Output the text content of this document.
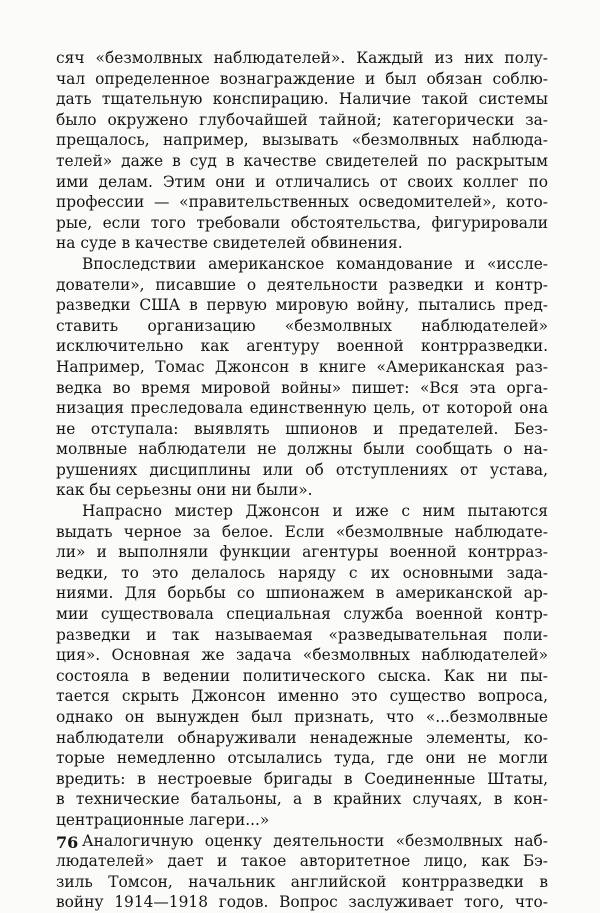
сяч «безмолвных наблюдателей». Каждый из них полу-
чал определенное вознаграждение и был обязан соблю-
дать тщательную конспирацию. Наличие такой системы
было окружено глубочайшей тайной; категорически за-
прещалось, например, вызывать «безмолвных наблюда-
телей» даже в суд в качестве свидетелей по раскрытым
ими делам. Этим они и отличались от своих коллег по
профессии — «правительственных осведомителей», кото-
рые, если того требовали обстоятельства, фигурировали
на суде в качестве свидетелей обвинения.
Впоследствии американское командование и «иссле-
дователи», писавшие о деятельности разведки и контр-
разведки США в первую мировую войну, пытались пред-
ставить организацию «безмолвных наблюдателей»
исключительно как агентуру военной контрразведки.
Например, Томас Джонсон в книге «Американская раз-
ведка во время мировой войны» пишет: «Вся эта орга-
низация преследовала единственную цель, от которой она
не отступала: выявлять шпионов и предателей. Без-
молвные наблюдатели не должны были сообщать о на-
рушениях дисциплины или об отступлениях от устава,
как бы серьезны они ни были».
Напрасно мистер Джонсон и иже с ним пытаются
выдать черное за белое. Если «безмолвные наблюдате-
ли» и выполняли функции агентуры военной контрраз-
ведки, то это делалось наряду с их основными зада-
ниями. Для борьбы со шпионажем в американской ар-
мии существовала специальная служба военной контр-
разведки и так называемая «разведывательная поли-
ция». Основная же задача «безмолвных наблюдателей»
состояла в ведении политического сыска. Как ни пы-
тается скрыть Джонсон именно это существо вопроса,
однако он вынужден был признать, что «...безмолвные
наблюдатели обнаруживали ненадежные элементы, ко-
торые немедленно отсылались туда, где они не могли
вредить: в нестроевые бригады в Соединенные Штаты,
в технические батальоны, а в крайних случаях, в кон-
центрационные лагери...»
Аналогичную оценку деятельности «безмолвных наб-
людателей» дает и такое авторитетное лицо, как Бэ-
зиль Томсон, начальник английской контрразведки в
войну 1914—1918 годов. Вопрос заслуживает того, что-
76
